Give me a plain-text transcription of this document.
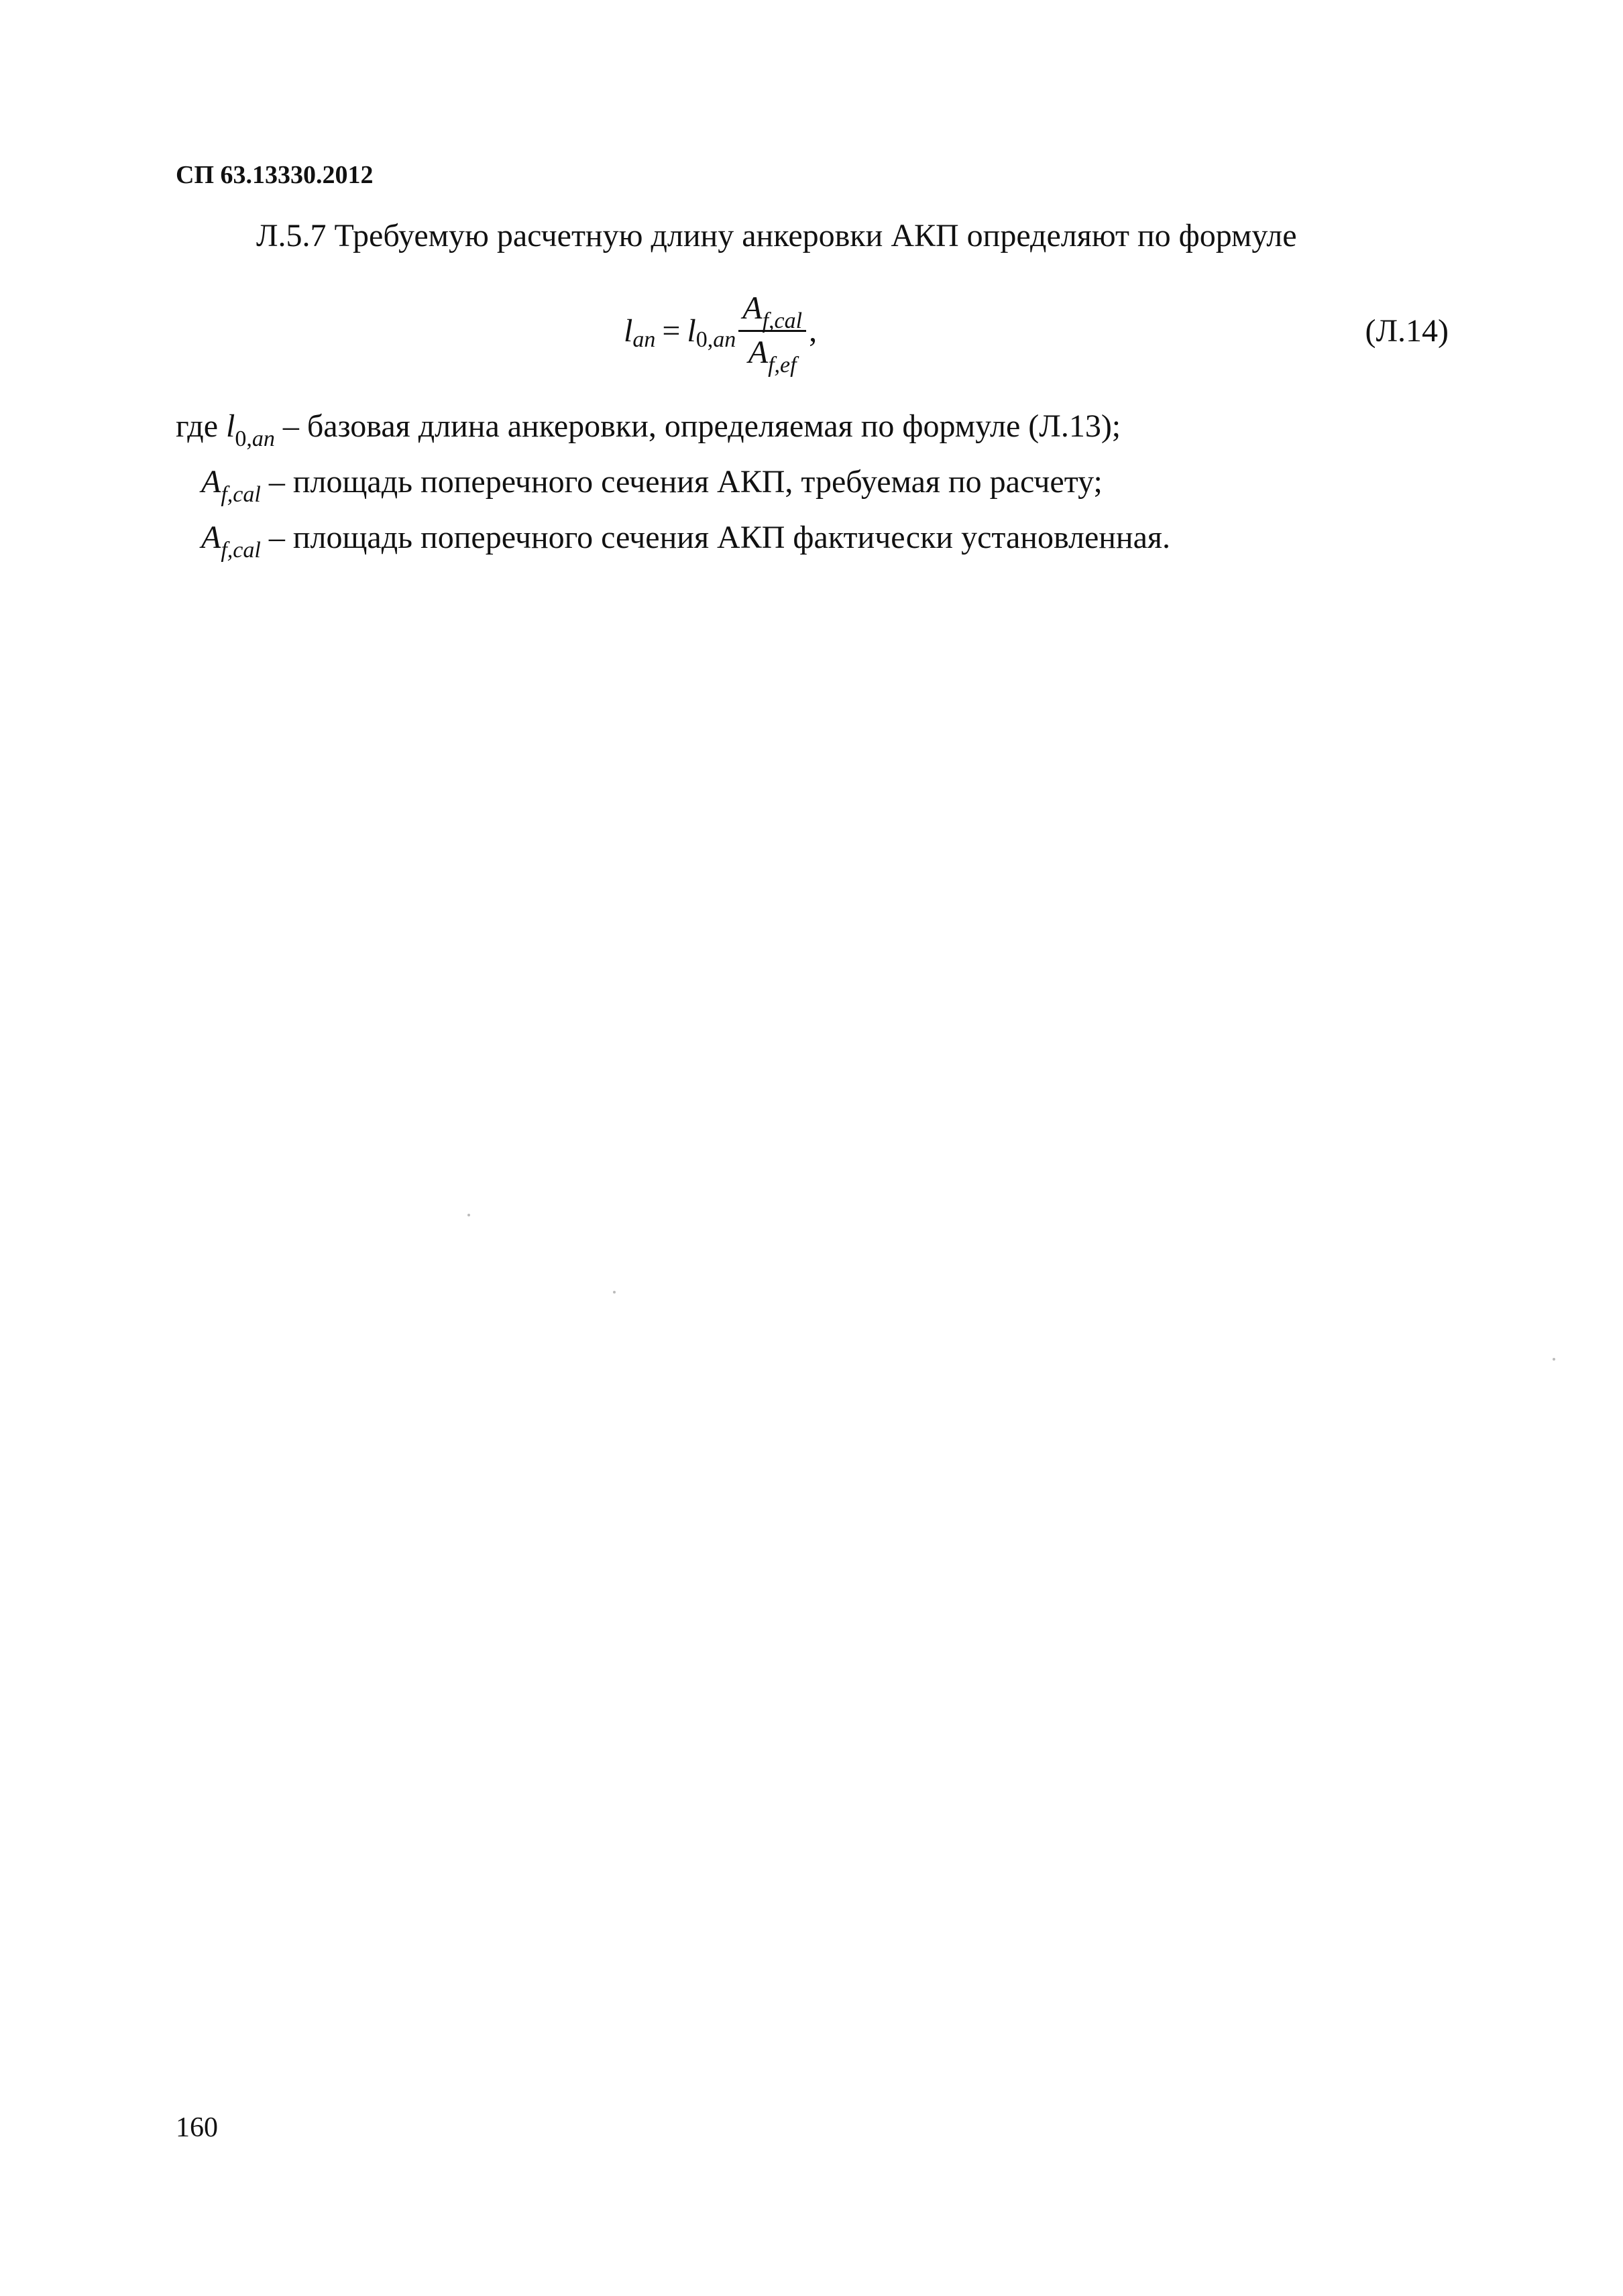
СП 63.13330.2012
Л.5.7 Требуемую расчетную длину анкеровки АКП определяют по формуле
l an = l 0, an $\frac{A_{f,cal}}{A_{f,ef}}$ ,	(Л.14)
где $l_{0,an}$ – базовая длина анкеровки, определяемая по формуле (Л.13);
$A_{f,cal}$ – площадь поперечного сечения АКП, требуемая по расчету;
$A_{f,cal}$ – площадь поперечного сечения АКП фактически установленная.
160
